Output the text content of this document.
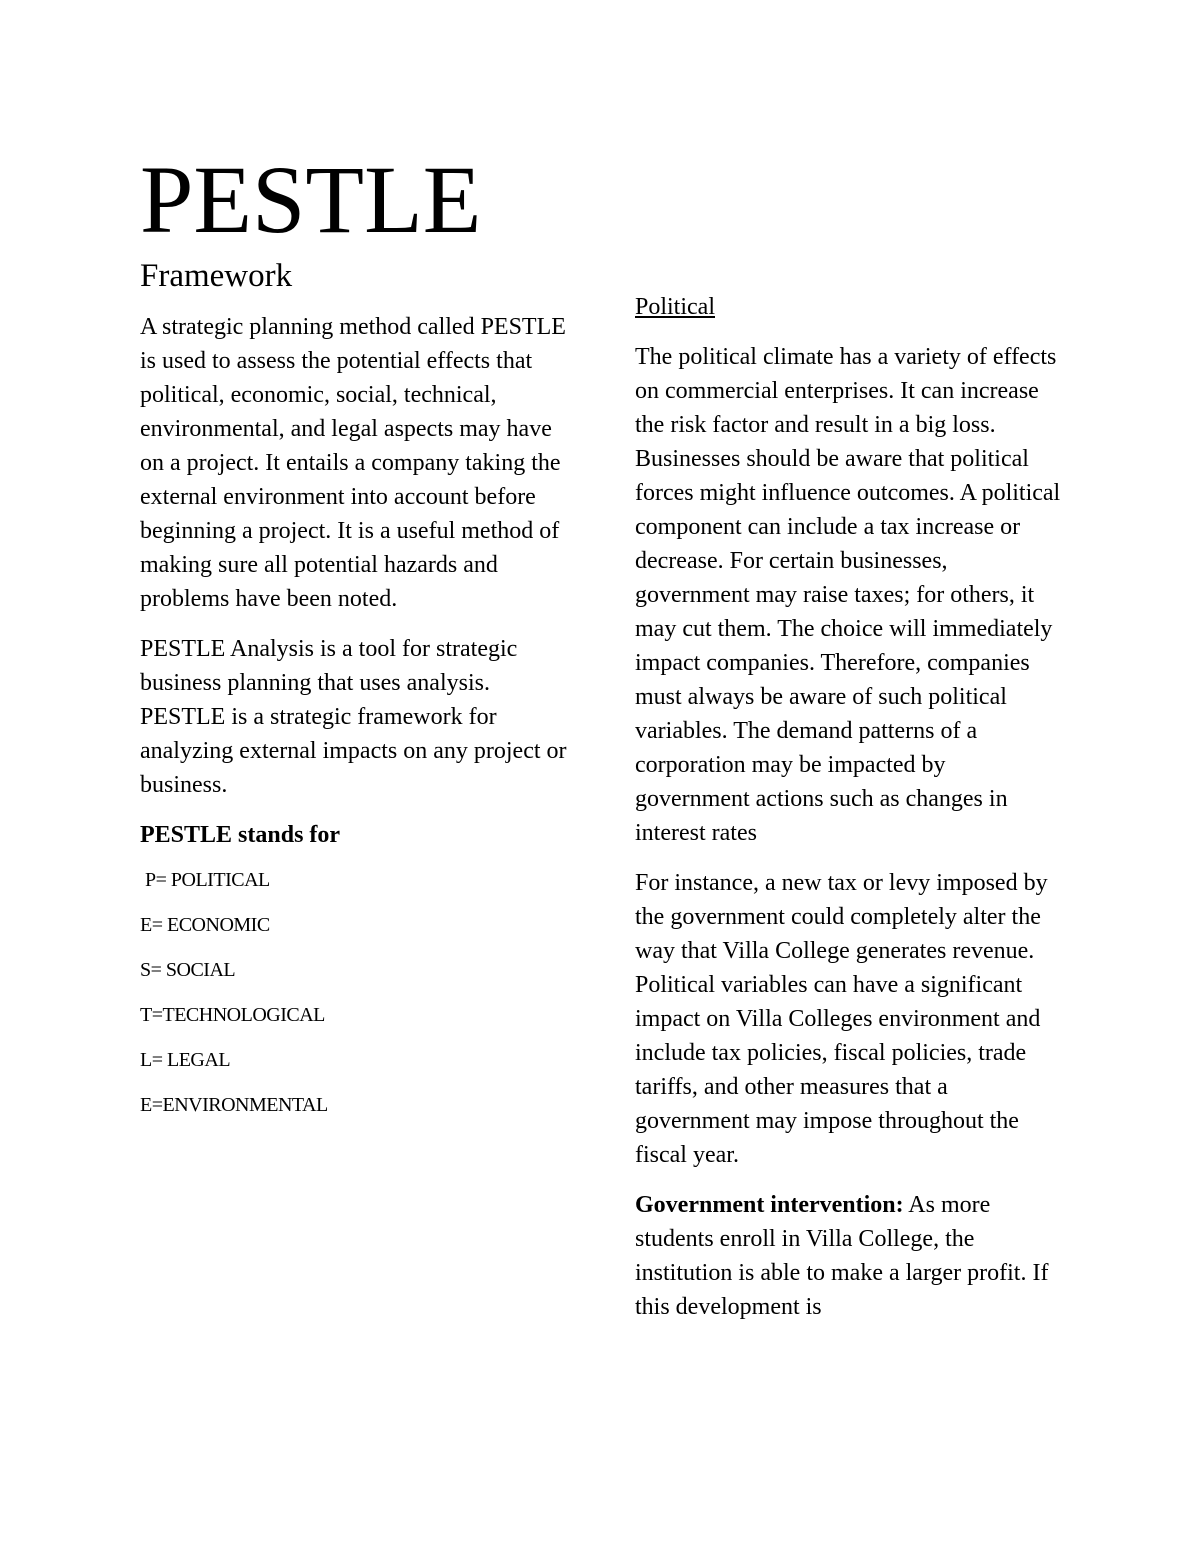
PESTLE
Framework

A strategic planning method called PESTLE is used to assess the potential effects that political, economic, social, technical, environmental, and legal aspects may have on a project. It entails a company taking the external environment into account before beginning a project. It is a useful method of making sure all potential hazards and problems have been noted.

PESTLE Analysis is a tool for strategic business planning that uses analysis. PESTLE is a strategic framework for analyzing external impacts on any project or business.

PESTLE stands for

P= POLITICAL

E= ECONOMIC

S= SOCIAL

T=TECHNOLOGICAL

L= LEGAL

E=ENVIRONMENTAL

Political

The political climate has a variety of effects on commercial enterprises. It can increase the risk factor and result in a big loss. Businesses should be aware that political forces might influence outcomes. A political component can include a tax increase or decrease. For certain businesses, government may raise taxes; for others, it may cut them. The choice will immediately impact companies. Therefore, companies must always be aware of such political variables. The demand patterns of a corporation may be impacted by government actions such as changes in interest rates

For instance, a new tax or levy imposed by the government could completely alter the way that Villa College generates revenue. Political variables can have a significant impact on Villa Colleges environment and include tax policies, fiscal policies, trade tariffs, and other measures that a government may impose throughout the fiscal year.

Government intervention: As more students enroll in Villa College, the institution is able to make a larger profit. If this development is
